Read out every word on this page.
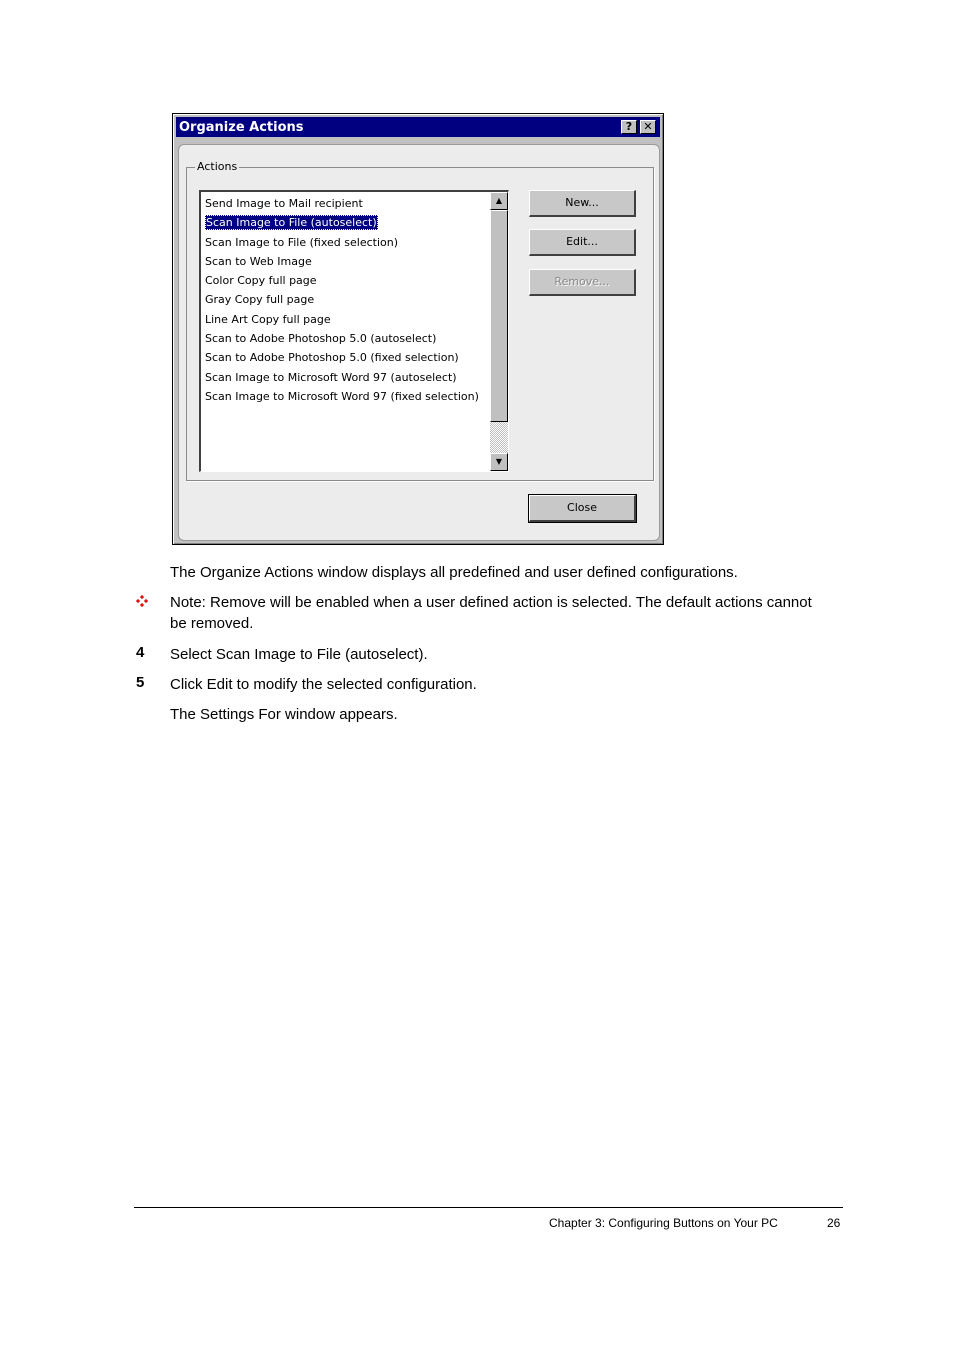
Organize Actions	?	✕
Actions
Send Image to Mail recipient
Scan Image to File (autoselect)
Scan Image to File (fixed selection)
Scan to Web Image
Color Copy full page
Gray Copy full page
Line Art Copy full page
Scan to Adobe Photoshop 5.0 (autoselect)
Scan to Adobe Photoshop 5.0 (fixed selection)
Scan Image to Microsoft Word 97 (autoselect)
Scan Image to Microsoft Word 97 (fixed selection)
▲
▼
New...
Edit...
Remove...
Close
The Organize Actions window displays all predefined and user defined configurations.
Note: Remove will be enabled when a user defined action is selected. The default actions cannot be removed.
4 Select Scan Image to File (autoselect).
5 Click Edit to modify the selected configuration.
The Settings For window appears.
Chapter 3: Configuring Buttons on Your PC	26
